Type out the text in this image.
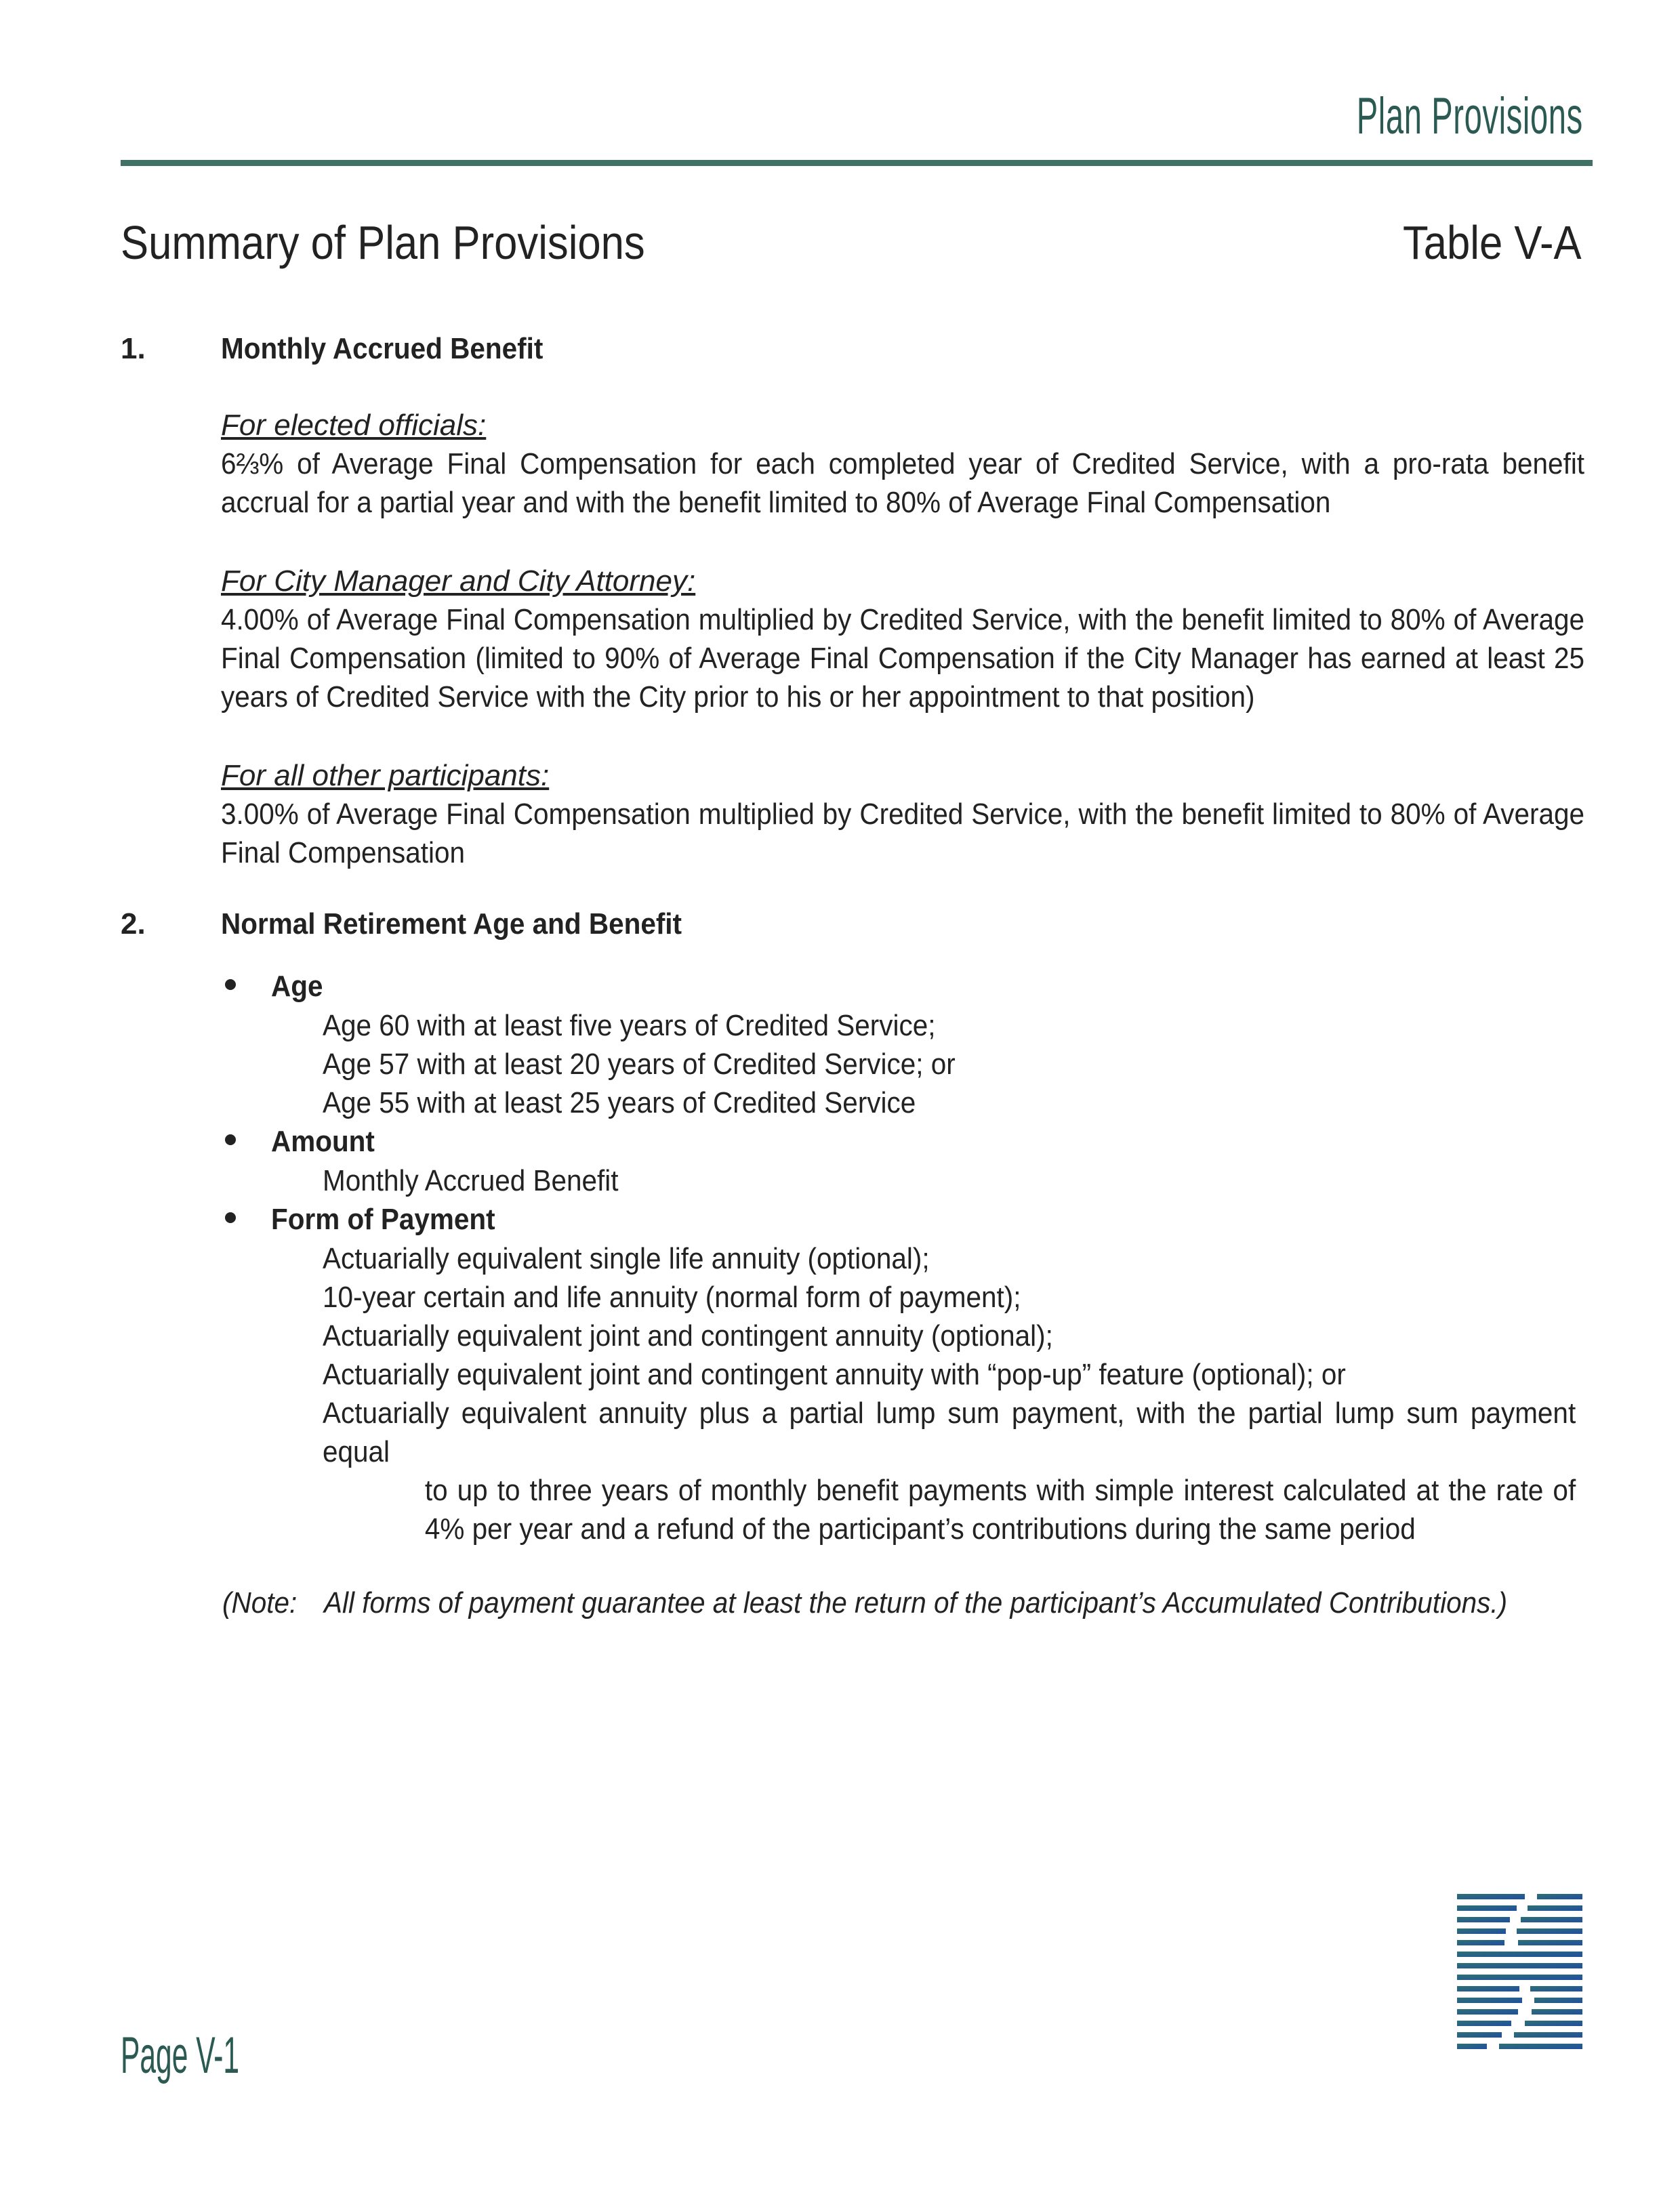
Plan Provisions
Summary of Plan Provisions	Table V-A
1.	Monthly Accrued Benefit
For elected officials:
6⅔% of Average Final Compensation for each completed year of Credited Service, with a pro-rata benefit accrual for a partial year and with the benefit limited to 80% of Average Final Compensation
For City Manager and City Attorney:
4.00% of Average Final Compensation multiplied by Credited Service, with the benefit limited to 80% of Average Final Compensation (limited to 90% of Average Final Compensation if the City Manager has earned at least 25 years of Credited Service with the City prior to his or her appointment to that position)
For all other participants:
3.00% of Average Final Compensation multiplied by Credited Service, with the benefit limited to 80% of Average Final Compensation
2.	Normal Retirement Age and Benefit
Age
Age 60 with at least five years of Credited Service;
Age 57 with at least 20 years of Credited Service; or
Age 55 with at least 25 years of Credited Service
Amount
Monthly Accrued Benefit
Form of Payment
Actuarially equivalent single life annuity (optional);
10-year certain and life annuity (normal form of payment);
Actuarially equivalent joint and contingent annuity (optional);
Actuarially equivalent joint and contingent annuity with “pop-up” feature (optional); or
Actuarially equivalent annuity plus a partial lump sum payment, with the partial lump sum payment equal
to up to three years of monthly benefit payments with simple interest calculated at the rate of 4% per year and a refund of the participant’s contributions during the same period
(Note: All forms of payment guarantee at least the return of the participant’s Accumulated Contributions.)
Page V-1
